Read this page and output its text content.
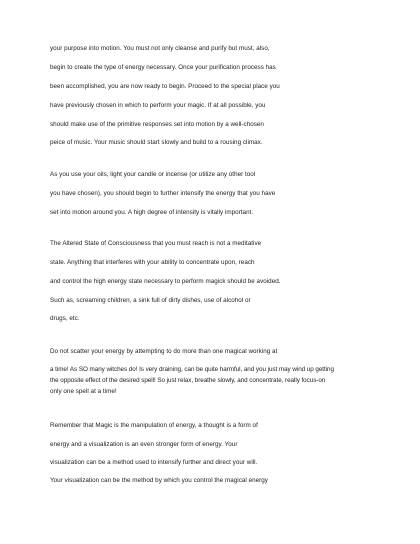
your purpose into motion. You must not only cleanse and purify but must, also,
begin to create the type of energy necessary. Once your purification process has
been accomplished, you are now ready to begin. Proceed to the special place you
have previously chosen in which to perform your magic. If at all possible, you
should make use of the primitive responses set into motion by a well-chosen
peice of music. Your music should start slowly and build to a rousing climax.
As you use your oils, light your candle or incense (or utilize any other tool
you have chosen), you should begin to further intensify the energy that you have
set into motion around you. A high degree of intensity is vitally important.
The Altered State of Consciousness that you must reach is not a meditative
state. Anything that interferes with your ability to concentrate upon, reach
and control the high energy state necessary to perform magick should be avoided.
Such as, screaming children, a sink full of dirty dishes, use of alcohol or
drugs, etc.
Do not scatter your energy by attempting to do more than one magical working at
a time! As SO many witches do! Is very draining, can be quite harmful, and you just may wind up getting
the opposite effect of the desired spell! So just relax, breathe slowly, and concentrate, really focus-on
only one spell at a time!
Remember that Magic is the manipulation of energy, a thought is a form of
energy and a visualization is an even stronger form of energy. Your
visualization can be a method used to intensify further and direct your will.
Your visualization can be the method by which you control the magical energy
